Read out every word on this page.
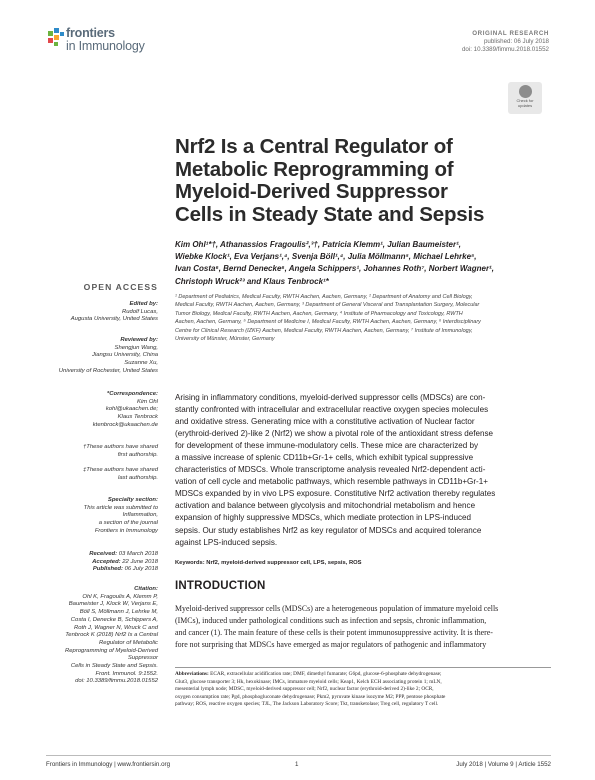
frontiers
in Immunology
ORIGINAL RESEARCH
published: 06 July 2018
doi: 10.3389/fimmu.2018.01552
Check for
updates
Nrf2 Is a Central Regulator of
Metabolic Reprogramming of
Myeloid-Derived Suppressor
Cells in Steady State and Sepsis
Kim Ohl¹*†, Athanassios Fragoulis²,³†, Patricia Klemm¹, Julian Baumeister¹,
Wiebke Klock¹, Eva Verjans¹,⁴, Svenja Böll¹,⁴, Julia Möllmann⁵, Michael Lehrke⁵,
Ivan Costa⁶, Bernd Denecke⁶, Angela Schippers¹, Johannes Roth⁷, Norbert Wagner¹,
Christoph Wruck²³ and Klaus Tenbrock¹*
¹ Department of Pediatrics, Medical Faculty, RWTH Aachen, Aachen, Germany, ² Department of Anatomy and Cell Biology,
Medical Faculty, RWTH Aachen, Aachen, Germany, ³ Department of General Visceral and Transplantation Surgery, Molecular
Tumor Biology, Medical Faculty, RWTH Aachen, Aachen, Germany, ⁴ Institute of Pharmacology and Toxicology, RWTH
Aachen, Aachen, Germany, ⁵ Department of Medicine I, Medical Faculty, RWTH Aachen, Aachen, Germany, ⁶ Interdisciplinary
Centre for Clinical Research (IZKF) Aachen, Medical Faculty, RWTH Aachen, Aachen, Germany, ⁷ Institute of Immunology,
University of Münster, Münster, Germany
Arising in inflammatory conditions, myeloid-derived suppressor cells (MDSCs) are con-
stantly confronted with intracellular and extracellular reactive oxygen species molecules
and oxidative stress. Generating mice with a constitutive activation of Nuclear factor
(erythroid-derived 2)-like 2 (Nrf2) we show a pivotal role of the antioxidant stress defense
for development of these immune-modulatory cells. These mice are characterized by
a massive increase of splenic CD11b+Gr-1+ cells, which exhibit typical suppressive
characteristics of MDSCs. Whole transcriptome analysis revealed Nrf2-dependent acti-
vation of cell cycle and metabolic pathways, which resemble pathways in CD11b+Gr-1+
MDSCs expanded by in vivo LPS exposure. Constitutive Nrf2 activation thereby regulates
activation and balance between glycolysis and mitochondrial metabolism and hence
expansion of highly suppressive MDSCs, which mediate protection in LPS-induced
sepsis. Our study establishes Nrf2 as key regulator of MDSCs and acquired tolerance
against LPS-induced sepsis.
Keywords: Nrf2, myeloid-derived suppressor cell, LPS, sepsis, ROS
INTRODUCTION
Myeloid-derived suppressor cells (MDSCs) are a heterogeneous population of immature myeloid cells
(IMCs), induced under pathological conditions such as infection and sepsis, chronic inflammation,
and cancer (1). The main feature of these cells is their potent immunosuppressive activity. It is there-
fore not surprising that MDSCs have emerged as major regulators of pathogenic and inflammatory
Abbreviations: ECAR, extracellular acidification rate; DMF, dimethyl fumarate; G6pd, glucose-6-phosphate dehydrogenase;
Glut3, glucose transporter 3; Hk, hexokinase; IMCs, immature myeloid cells; Keap1, Kelch ECH associating protein 1; mLN,
mesenterial lymph node; MDSC, myeloid-derived suppressor cell; Nrf2, nuclear factor (erythroid-derived 2)-like 2; OCR,
oxygen consumption rate; Pgd, phosphogluconate dehydrogenase; Pkm2, pyruvate kinase isozyme M2; PPP, pentose phosphate
pathway; ROS, reactive oxygen species; TJL, The Jackson Laboratory Score; Tkt, transketolase; Treg cell, regulatory T cell.
OPEN ACCESS
Edited by:
Rudolf Lucas,
Augusta University, United States
Reviewed by:
Shengjun Wang,
Jiangsu University, China
Suzanne Xu,
University of Rochester, United States
*Correspondence:
Kim Ohl
kohl@ukaachen.de;
Klaus Tenbrock
ktenbrock@ukaachen.de
†These authors have shared
first authorship.
‡These authors have shared
last authorship.
Specialty section:
This article was submitted to
Inflammation,
a section of the journal
Frontiers in Immunology
Received: 03 March 2018
Accepted: 22 June 2018
Published: 06 July 2018
Citation:
Ohl K, Fragoulis A, Klemm P,
Baumeister J, Klock W, Verjans E,
Böll S, Möllmann J, Lehrke M,
Costa I, Denecke B, Schippers A,
Roth J, Wagner N, Wruck C and
Tenbrock K (2018) Nrf2 Is a Central
Regulator of Metabolic
Reprogramming of Myeloid-Derived
Suppressor
Cells in Steady State and Sepsis.
Front. Immunol. 9:1552.
doi: 10.3389/fimmu.2018.01552
Frontiers in Immunology | www.frontiersin.org	1	July 2018 | Volume 9 | Article 1552
